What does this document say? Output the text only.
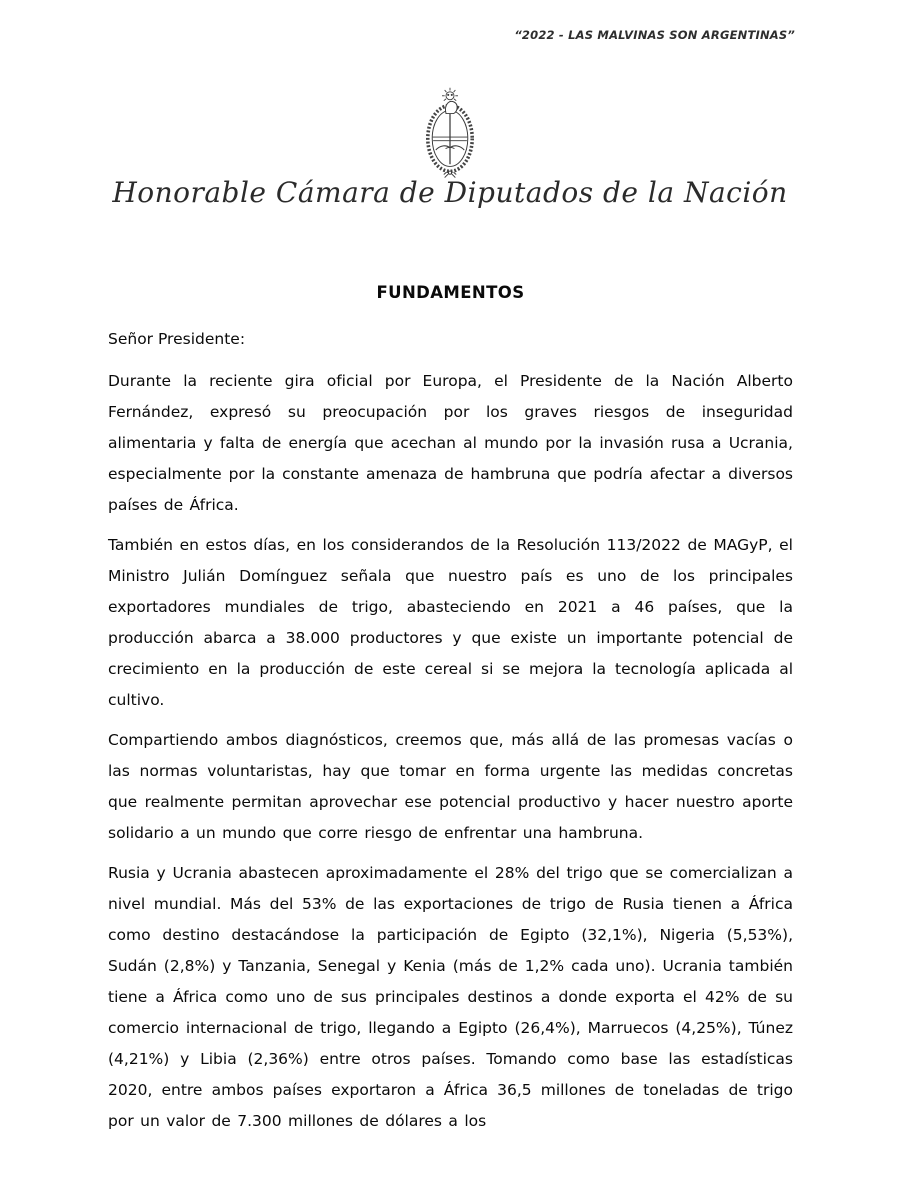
“2022 - LAS MALVINAS SON ARGENTINAS”
Honorable Cámara de Diputados de la Nación
FUNDAMENTOS

Señor Presidente:

Durante la reciente gira oficial por Europa, el Presidente de la Nación Alberto Fernández, expresó su preocupación por los graves riesgos de inseguridad alimentaria y falta de energía que acechan al mundo por la invasión rusa a Ucrania, especialmente por la constante amenaza de hambruna que podría afectar a diversos países de África.

También en estos días, en los considerandos de la Resolución 113/2022 de MAGyP, el Ministro Julián Domínguez señala que nuestro país es uno de los principales exportadores mundiales de trigo, abasteciendo en 2021 a 46 países, que la producción abarca a 38.000 productores y que existe un importante potencial de crecimiento en la producción de este cereal si se mejora la tecnología aplicada al cultivo.

Compartiendo ambos diagnósticos, creemos que, más allá de las promesas vacías o las normas voluntaristas, hay que tomar en forma urgente las medidas concretas que realmente permitan aprovechar ese potencial productivo y hacer nuestro aporte solidario a un mundo que corre riesgo de enfrentar una hambruna.

Rusia y Ucrania abastecen aproximadamente el 28% del trigo que se comercializan a nivel mundial. Más del 53% de las exportaciones de trigo de Rusia tienen a África como destino destacándose la participación de Egipto (32,1%), Nigeria (5,53%), Sudán (2,8%) y Tanzania, Senegal y Kenia (más de 1,2% cada uno). Ucrania también tiene a África como uno de sus principales destinos a donde exporta el 42% de su comercio internacional de trigo, llegando a Egipto (26,4%), Marruecos (4,25%), Túnez (4,21%) y Libia (2,36%) entre otros países. Tomando como base las estadísticas 2020, entre ambos países exportaron a África 36,5 millones de toneladas de trigo por un valor de 7.300 millones de dólares a los
